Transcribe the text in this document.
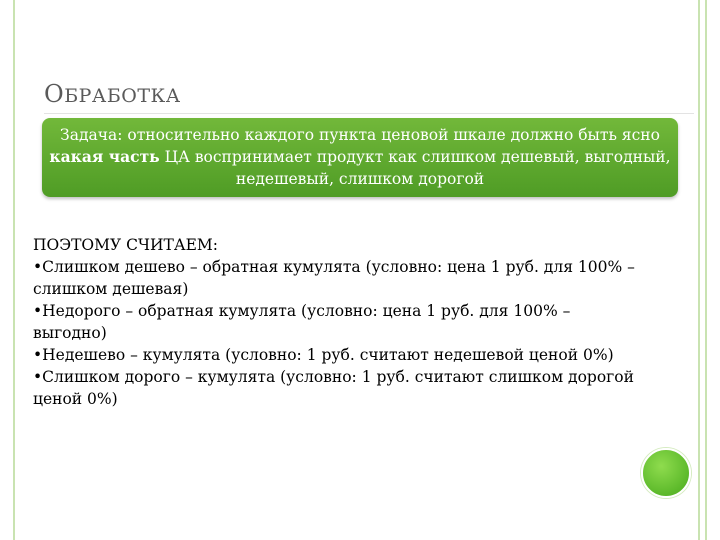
ОБРАБОТКА
Задача: относительно каждого пункта ценовой шкале должно быть ясно какая часть ЦА воспринимает продукт как слишком дешевый, выгодный, недешевый, слишком дорогой

ПОЭТОМУ СЧИТАЕМ:

•Слишком дешево – обратная кумулята (условно: цена 1 руб. для 100% – слишком дешевая)

•Недорого – обратная кумулята (условно: цена 1 руб. для 100% – выгодно)

•Недешево – кумулята (условно: 1 руб. считают недешевой ценой 0%)

•Слишком дорого – кумулята (условно: 1 руб. считают слишком дорогой ценой 0%)
